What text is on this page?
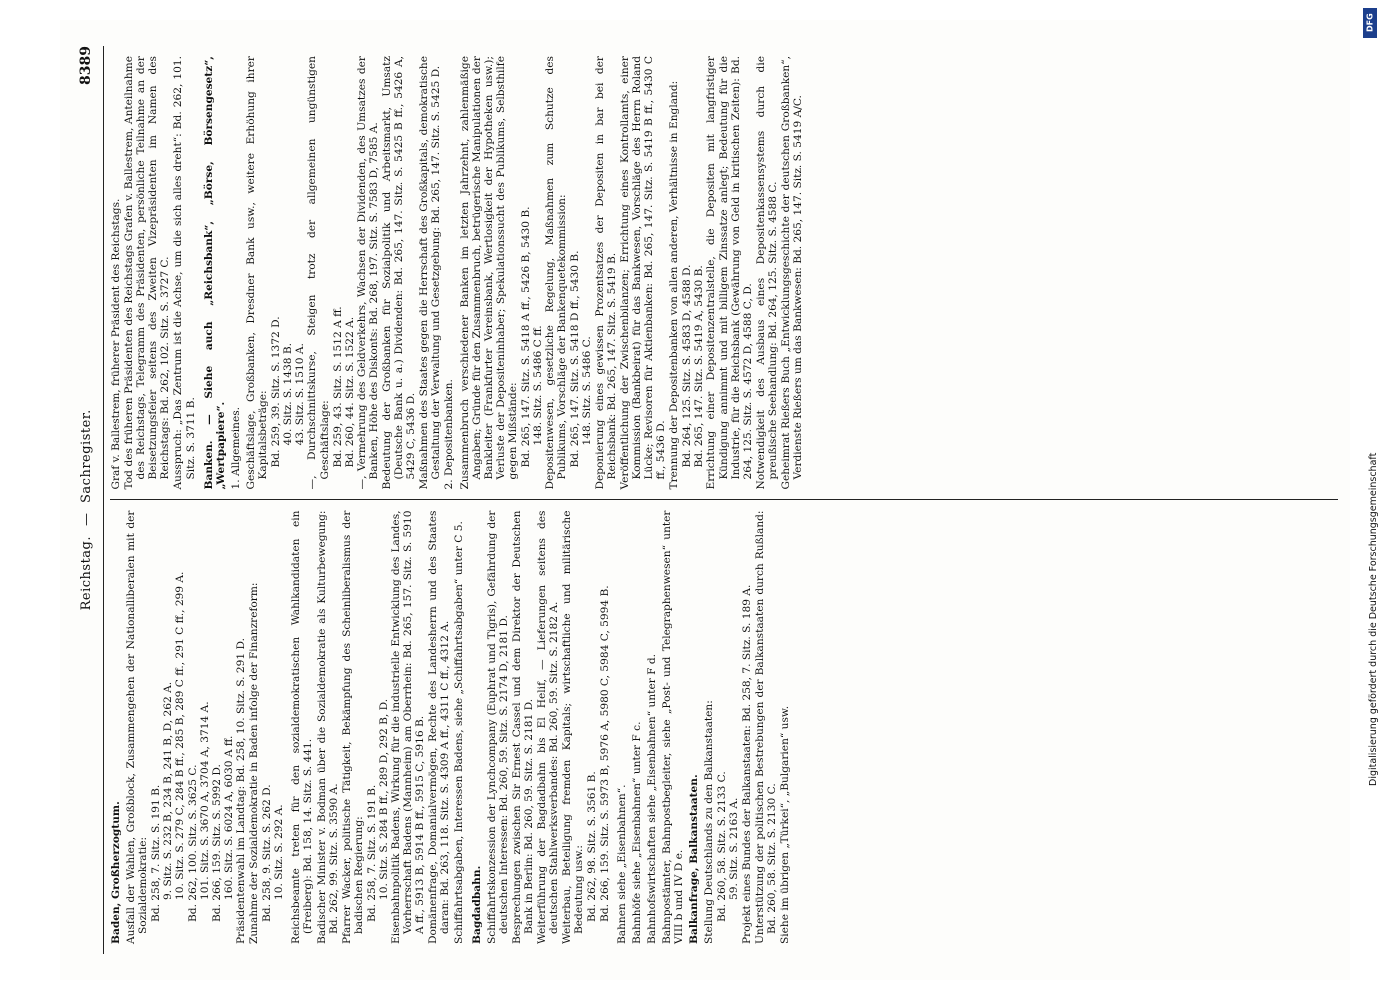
Reichstag.
—
Sachregister.
8389
Baden, Großherzogtum. Ausfall der Wahlen, Großblock, Zusammengehen der Nationalliberalen mit der Sozialdemokratie: Bd. 258, 7. Sitz. S. 191 B. 9. Sitz. S. 232 B, 234 B, 241 B, D, 262 A. 10. Sitz. S. 279 C, 284 B ff., 285 B, 289 C ff., 291 C ff., 299 A. Bd. 262, 100. Sitz. S. 3625 C. 101. Sitz. S. 3670 A, 3704 A, 3714 A. Bd. 266, 159. Sitz. S. 5992 D. 160. Sitz. S. 6024 A, 6030 A ff. Präsidentenwahl im Landtag: Bd. 258, 10. Sitz. S. 291 D. Zunahme der Sozialdemokratie in Baden infolge der Finanzreform: Bd. 258, 9. Sitz. S. 262 D. 10. Sitz. S. 292 A. Reichsbeamte treten für den sozialdemokratischen Wahlkandidaten ein (Freiberg): Bd. 158, 14. Sitz. S. 441. Badischer Minister v. Bodman über die Sozialdemokratie als Kulturbewegung: Bd. 262, 99. Sitz. S. 3590 A. Pfarrer Wacker, politische Tätigkeit, Bekämpfung des Scheinliberalismus der badischen Regierung: Bd. 258, 7. Sitz. S. 191 B. 10. Sitz. S. 284 B ff., 289 D, 292 B, D. Eisenbahnpolitik Badens, Wirkung für die industrielle Entwicklung des Landes, Vorherrschaft Badens (Mannheim) am Oberrhein: Bd. 265, 157. Sitz. S. 5910 A ff., 5913 B, 5914 B ff., 5915 C, 5916 B. Domänenfrage, Domanialvermögen, Rechte des Landesherrn und des Staates daran: Bd. 263, 118. Sitz. S. 4309 A ff., 4311 C ff., 4312 A. Schiffahrtsabgaben, Interessen Badens, siehe „Schiffahrtsabgaben“ unter C 5. Bagdadbahn. Schiffahrtskonzession der Lynchcompany (Euphrat und Tigris), Gefährdung der deutschen Interessen: Bd. 260, 59. Sitz. S. 2174 D, 2181 D. Besprechungen zwischen Sir Ernest Cassel und dem Direktor der Deutschen Bank in Berlin: Bd. 260, 59. Sitz. S. 2181 D. Weiterführung der Bagdadbahn bis El Helif, — Lieferungen seitens des deutschen Stahlwerksverbandes: Bd. 260, 59. Sitz. S. 2182 A. Weiterbau, Beteiligung fremden Kapitals; wirtschaftliche und militärische Bedeutung usw.: Bd. 262, 98. Sitz. S. 3561 B. Bd. 266, 159. Sitz. S. 5973 B, 5976 A, 5980 C, 5984 C, 5994 B. Bahnen siehe „Eisenbahnen“. Bahnhöfe siehe „Eisenbahnen“ unter F c. Bahnhofswirtschaften siehe „Eisenbahnen“ unter F d. Bahnpostämter, Bahnpostbegleiter, siehe „Post- und Telegraphenwesen“ unter VIII b und IV D e. Balkanfrage, Balkanstaaten. Stellung Deutschlands zu den Balkanstaaten: Bd. 260, 58. Sitz. S. 2133 C. 59. Sitz. S. 2163 A. Projekt eines Bundes der Balkanstaaten: Bd. 258, 7. Sitz. S. 189 A. Unterstützung der politischen Bestrebungen der Balkanstaaten durch Rußland: Bd. 260, 58. Sitz. S. 2130 C. Siehe im übrigen „Türkei“, „Bulgarien“ usw.
Graf v. Ballestrem, früherer Präsident des Reichstags. Tod des früheren Präsidenten des Reichstags Grafen v. Ballestrem, Anteilnahme des Reichstags, Telegramm des Präsidenten, persönliche Teilnahme an der Beisetzungsfeier seitens des Zweiten Vizepräsidenten im Namen des Reichstags: Bd. 262, 102. Sitz. S. 3727 C. Ausspruch: „Das Zentrum ist die Achse, um die sich alles dreht“: Bd. 262, 101. Sitz. S. 3711 B. Banken. — Siehe auch „Reichsbank“, „Börse, Börsengesetz“, „Wertpapiere“. 1. Allgemeines. Geschäftslage, Großbanken, Dresdner Bank usw., weitere Erhöhung ihrer Kapitalsbeträge: Bd. 259, 39. Sitz. S. 1372 D. 40. Sitz. S. 1438 B. 43. Sitz. S. 1510 A. —, Durchschnittskurse, Steigen trotz der allgemeinen ungünstigen Geschäftslage: Bd. 259, 43. Sitz. S. 1512 A ff. Bd. 260, 44. Sitz. S. 1522 A. —, Vermehrung des Geldverkehrs, Wachsen der Dividenden, des Umsatzes der Banken, Höhe des Diskonts: Bd. 268, 197. Sitz. S. 7583 D, 7585 A. Bedeutung der Großbanken für Sozialpolitik und Arbeitsmarkt, Umsatz (Deutsche Bank u. a.) Dividenden: Bd. 265, 147. Sitz. S. 5425 B ff., 5426 A, 5429 C, 5436 D. Maßnahmen des Staates gegen die Herrschaft des Großkapitals, demokratische Gestaltung der Verwaltung und Gesetzgebung: Bd. 265, 147. Sitz. S. 5425 D. 2. Depositenbanken. Zusammenbruch verschiedener Banken im letzten Jahrzehnt, zahlenmäßige Angaben; Gründe für den Zusammenbruch, betrügerische Manipulationen der Bankleiter (Frankfurter Vereinsbank, Wertlosigkeit der Hypotheken usw.); Verluste der Depositeninhaber; Spekulationssucht des Publikums, Selbsthilfe gegen Mißstände: Bd. 265, 147. Sitz. S. 5418 A ff., 5426 B, 5430 B. 148. Sitz. S. 5486 C ff. Depositenwesen, gesetzliche Regelung, Maßnahmen zum Schutze des Publikums, Vorschläge der Bankenquetekommission: Bd. 265, 147. Sitz. S. 5418 D ff., 5430 B. 148. Sitz. S. 5486 C. Deponierung eines gewissen Prozentsatzes der Depositen in bar bei der Reichsbank: Bd. 265, 147. Sitz. S. 5419 B. Veröffentlichung der Zwischenbilanzen; Errichtung eines Kontrollamts, einer Kommission (Bankbeirat) für das Bankwesen, Vorschläge des Herrn Roland Lücke; Revisoren für Aktienbanken: Bd. 265, 147. Sitz. S. 5419 B ff., 5430 C ff., 5436 D. Trennung der Depositenbanken von allen anderen, Verhältnisse in England: Bd. 264, 125. Sitz. S. 4583 D, 4588 D. Bd. 265, 147. Sitz. S. 5419 A, 5430 B. Errichtung einer Depositenzentralstelle, die Depositen mit langfristiger Kündigung annimmt und mit billigem Zinssatze anlegt; Bedeutung für die Industrie, für die Reichsbank (Gewährung von Geld in kritischen Zeiten): Bd. 264, 125. Sitz. S. 4572 D, 4588 C, D. Notwendigkeit des Ausbaus eines Depositenkassensystems durch die preußische Seehandlung: Bd. 264, 125. Sitz. S. 4588 C. Geheimrat Rießers Buch „Entwicklungsgeschichte der deutschen Großbanken“, Verdienste Rießers um das Bankwesen: Bd. 265, 147. Sitz. S. 5419 A/C.
DFG
Digitalisierung gefördert durch die Deutsche Forschungsgemeinschaft
